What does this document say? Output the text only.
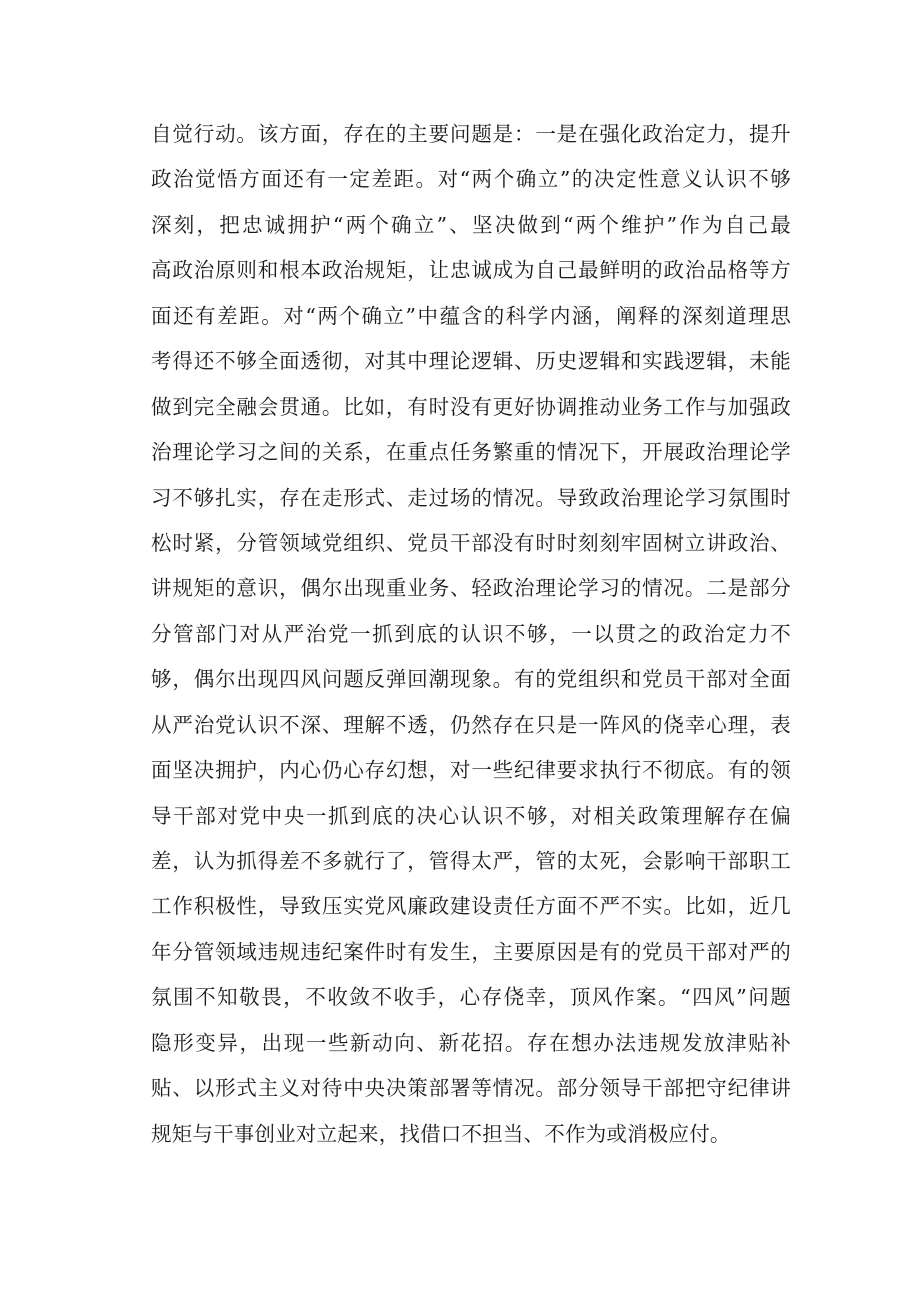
自觉行动。该方面，存在的主要问题是：一是在强化政治定力，提升
政治觉悟方面还有一定差距。对“两个确立”的决定性意义认识不够
深刻，把忠诚拥护“两个确立”、坚决做到“两个维护”作为自己最
高政治原则和根本政治规矩，让忠诚成为自己最鲜明的政治品格等方
面还有差距。对“两个确立”中蕴含的科学内涵，阐释的深刻道理思
考得还不够全面透彻，对其中理论逻辑、历史逻辑和实践逻辑，未能
做到完全融会贯通。比如，有时没有更好协调推动业务工作与加强政
治理论学习之间的关系，在重点任务繁重的情况下，开展政治理论学
习不够扎实，存在走形式、走过场的情况。导致政治理论学习氛围时
松时紧，分管领域党组织、党员干部没有时时刻刻牢固树立讲政治、
讲规矩的意识，偶尔出现重业务、轻政治理论学习的情况。二是部分
分管部门对从严治党一抓到底的认识不够，一以贯之的政治定力不
够，偶尔出现四风问题反弹回潮现象。有的党组织和党员干部对全面
从严治党认识不深、理解不透，仍然存在只是一阵风的侥幸心理，表
面坚决拥护，内心仍心存幻想，对一些纪律要求执行不彻底。有的领
导干部对党中央一抓到底的决心认识不够，对相关政策理解存在偏
差，认为抓得差不多就行了，管得太严，管的太死，会影响干部职工
工作积极性，导致压实党风廉政建设责任方面不严不实。比如，近几
年分管领域违规违纪案件时有发生，主要原因是有的党员干部对严的
氛围不知敬畏，不收敛不收手，心存侥幸，顶风作案。“四风”问题
隐形变异，出现一些新动向、新花招。存在想办法违规发放津贴补
贴、以形式主义对待中央决策部署等情况。部分领导干部把守纪律讲
规矩与干事创业对立起来，找借口不担当、不作为或消极应付。
